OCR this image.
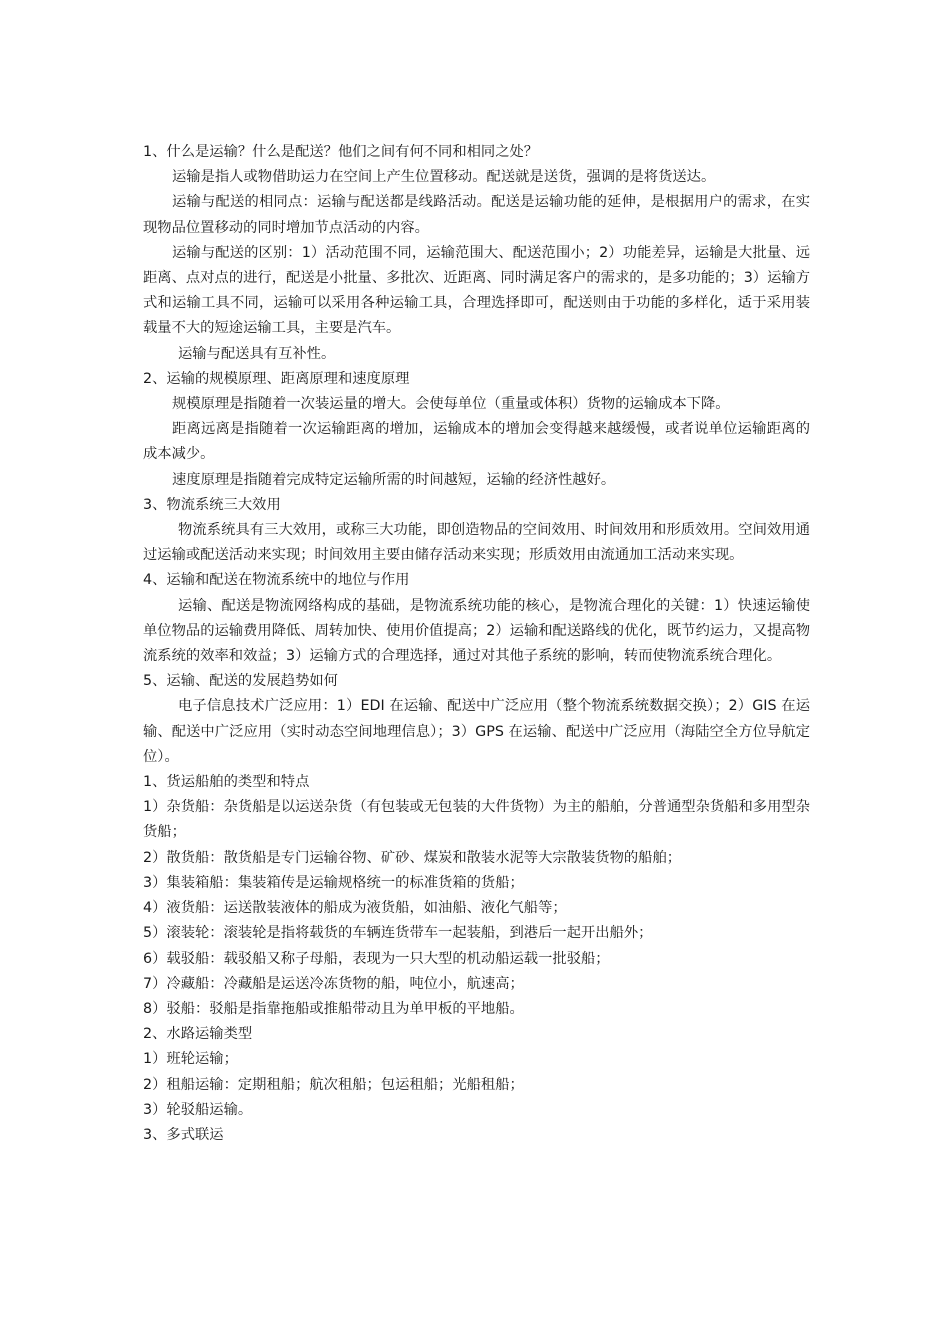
1、什么是运输？什么是配送？他们之间有何不同和相同之处？

运输是指人或物借助运力在空间上产生位置移动。配送就是送货，强调的是将货送达。

运输与配送的相同点：运输与配送都是线路活动。配送是运输功能的延伸，是根据用户的需求，在实现物品位置移动的同时增加节点活动的内容。

运输与配送的区别：1）活动范围不同，运输范围大、配送范围小；2）功能差异，运输是大批量、远距离、点对点的进行，配送是小批量、多批次、近距离、同时满足客户的需求的，是多功能的；3）运输方式和运输工具不同，运输可以采用各种运输工具，合理选择即可，配送则由于功能的多样化，适于采用装载量不大的短途运输工具，主要是汽车。

运输与配送具有互补性。

2、运输的规模原理、距离原理和速度原理

规模原理是指随着一次装运量的增大。会使每单位（重量或体积）货物的运输成本下降。

距离远离是指随着一次运输距离的增加，运输成本的增加会变得越来越缓慢，或者说单位运输距离的成本减少。

速度原理是指随着完成特定运输所需的时间越短，运输的经济性越好。

3、物流系统三大效用

物流系统具有三大效用，或称三大功能，即创造物品的空间效用、时间效用和形质效用。空间效用通过运输或配送活动来实现；时间效用主要由储存活动来实现；形质效用由流通加工活动来实现。

4、运输和配送在物流系统中的地位与作用

运输、配送是物流网络构成的基础，是物流系统功能的核心，是物流合理化的关键：1）快速运输使单位物品的运输费用降低、周转加快、使用价值提高；2）运输和配送路线的优化，既节约运力，又提高物流系统的效率和效益；3）运输方式的合理选择，通过对其他子系统的影响，转而使物流系统合理化。

5、运输、配送的发展趋势如何

电子信息技术广泛应用：1）EDI 在运输、配送中广泛应用（整个物流系统数据交换）；2）GIS 在运输、配送中广泛应用（实时动态空间地理信息）；3）GPS 在运输、配送中广泛应用（海陆空全方位导航定位）。

1、货运船舶的类型和特点

1）杂货船：杂货船是以运送杂货（有包装或无包装的大件货物）为主的船舶，分普通型杂货船和多用型杂货船；

2）散货船：散货船是专门运输谷物、矿砂、煤炭和散装水泥等大宗散装货物的船舶；

3）集装箱船：集装箱传是运输规格统一的标准货箱的货船；

4）液货船：运送散装液体的船成为液货船，如油船、液化气船等；

5）滚装轮：滚装轮是指将载货的车辆连货带车一起装船，到港后一起开出船外；

6）载驳船：载驳船又称子母船，表现为一只大型的机动船运载一批驳船；

7）冷藏船：冷藏船是运送冷冻货物的船，吨位小，航速高；

8）驳船：驳船是指靠拖船或推船带动且为单甲板的平地船。

2、水路运输类型

1）班轮运输；

2）租船运输：定期租船；航次租船；包运租船；光船租船；

3）轮驳船运输。

3、多式联运
